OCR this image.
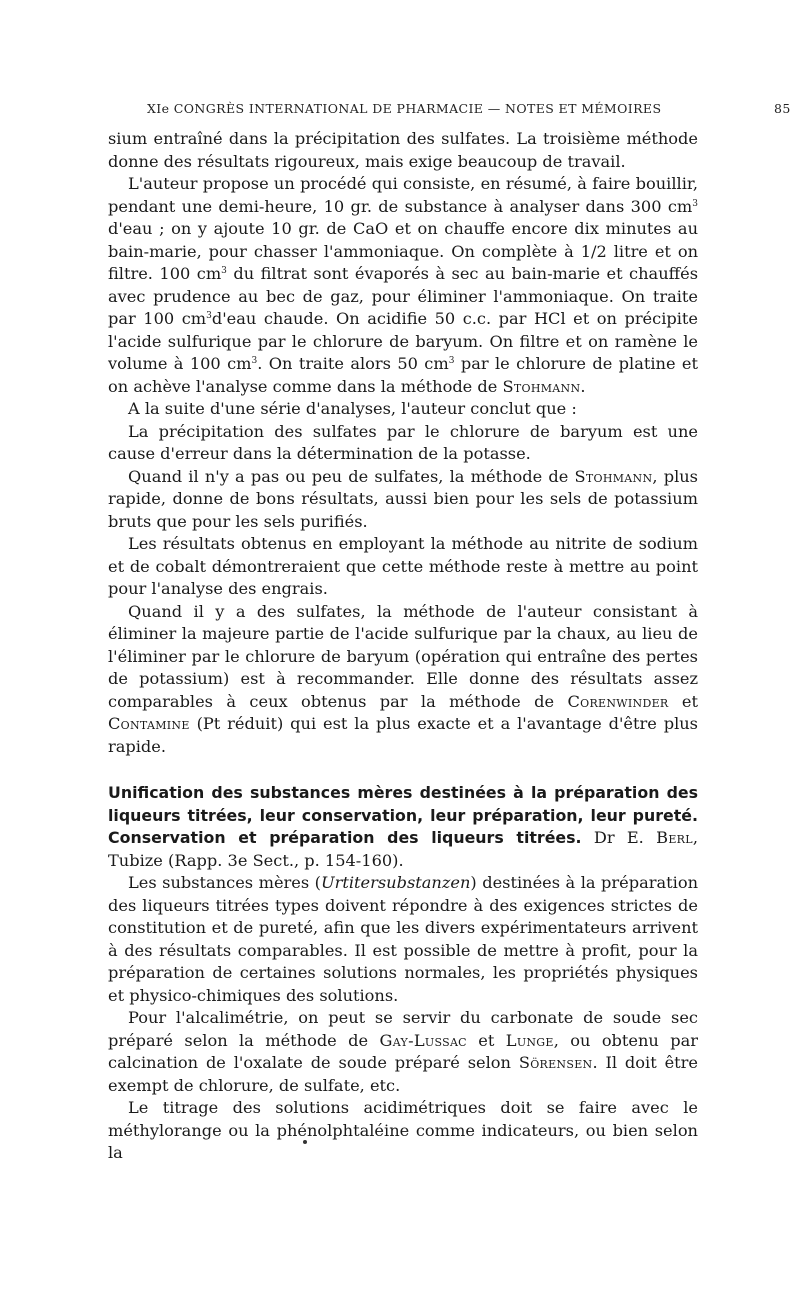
XIe CONGRÈS INTERNATIONAL DE PHARMACIE — NOTES ET MÉMOIRES	85

sium entraîné dans la précipitation des sulfates. La troisième méthode donne des résultats rigoureux, mais exige beaucoup de travail.

L'auteur propose un procédé qui consiste, en résumé, à faire bouillir, pendant une demi-heure, 10 gr. de substance à analyser dans 300 $cm^3$ d'eau ; on y ajoute 10 gr. de CaO et on chauffe encore dix minutes au bain-marie, pour chasser l'ammoniaque. On complète à 1/2 litre et on filtre. 100 $cm^3$ du filtrat sont évaporés à sec au bain-marie et chauffés avec prudence au bec de gaz, pour éliminer l'ammoniaque. On traite par 100 $cm^3d'eau$ chaude. On acidifie 50 c.c. par HCl et on précipite l'acide sulfurique par le chlorure de baryum. On filtre et on ramène le volume à 100 $cm^3$. On traite alors 50 $cm^3$ par le chlorure de platine et on achève l'analyse comme dans la méthode de Stohmann.

A la suite d'une série d'analyses, l'auteur conclut que :

La précipitation des sulfates par le chlorure de baryum est une cause d'erreur dans la détermination de la potasse.

Quand il n'y a pas ou peu de sulfates, la méthode de Stohmann, plus rapide, donne de bons résultats, aussi bien pour les sels de potassium bruts que pour les sels purifiés.

Les résultats obtenus en employant la méthode au nitrite de sodium et de cobalt démontreraient que cette méthode reste à mettre au point pour l'analyse des engrais.

Quand il y a des sulfates, la méthode de l'auteur consistant à éliminer la majeure partie de l'acide sulfurique par la chaux, au lieu de l'éliminer par le chlorure de baryum (opération qui entraîne des pertes de potassium) est à recommander. Elle donne des résultats assez comparables à ceux obtenus par la méthode de Corenwinder et Contamine (Pt réduit) qui est la plus exacte et a l'avantage d'être plus rapide.

Unification des substances mères destinées à la préparation des liqueurs titrées, leur conservation, leur préparation, leur pureté. Conservation et préparation des liqueurs titrées. Dr E. Berl, Tubize (Rapp. 3e Sect., p. 154-160).

Les substances mères (Urtitersubstanzen) destinées à la préparation des liqueurs titrées types doivent répondre à des exigences strictes de constitution et de pureté, afin que les divers expérimentateurs arrivent à des résultats comparables. Il est possible de mettre à profit, pour la préparation de certaines solutions normales, les propriétés physiques et physico-chimiques des solutions.

Pour l'alcalimétrie, on peut se servir du carbonate de soude sec préparé selon la méthode de Gay-Lussac et Lunge, ou obtenu par calcination de l'oxalate de soude préparé selon Sörensen. Il doit être exempt de chlorure, de sulfate, etc.

Le titrage des solutions acidimétriques doit se faire avec le méthylorange ou la phénolphtaléine comme indicateurs, ou bien selon la
